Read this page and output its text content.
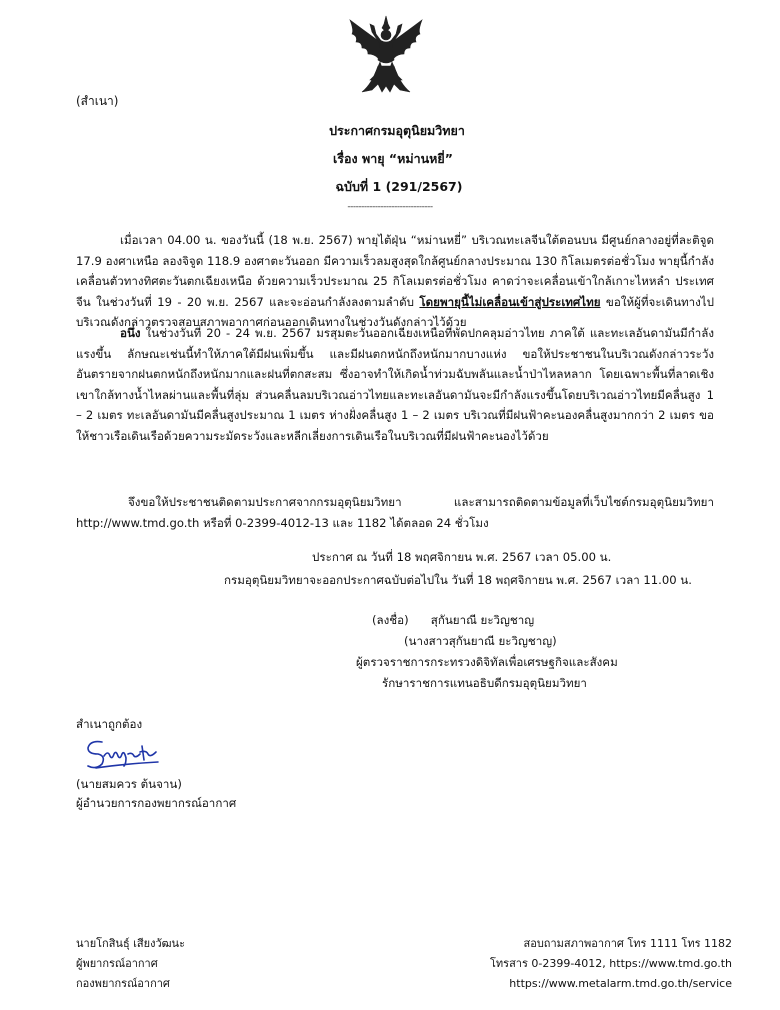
(สำเนา)
ประกาศกรมอุตุนิยมวิทยา
เรื่อง พายุ “หม่านหยี่”
ฉบับที่ 1 (291/2567)
-------------------------------
เมื่อเวลา 04.00 น. ของวันนี้ (18 พ.ย. 2567) พายุไต้ฝุ่น “หม่านหยี่” บริเวณทะเลจีนใต้ตอนบน มีศูนย์กลางอยู่ที่ละติจูด 17.9 องศาเหนือ ลองจิจูด 118.9 องศาตะวันออก มีความเร็วลมสูงสุดใกล้ศูนย์กลางประมาณ 130 กิโลเมตรต่อชั่วโมง พายุนี้กำลังเคลื่อนตัวทางทิศตะวันตกเฉียงเหนือ ด้วยความเร็วประมาณ 25 กิโลเมตรต่อชั่วโมง คาดว่าจะเคลื่อนเข้าใกล้เกาะไหหลำ ประเทศจีน ในช่วงวันที่ 19 - 20 พ.ย. 2567 และจะอ่อนกำลังลงตามลำดับ โดยพายุนี้ไม่เคลื่อนเข้าสู่ประเทศไทย ขอให้ผู้ที่จะเดินทางไปบริเวณดังกล่าวตรวจสอบสภาพอากาศก่อนออกเดินทางในช่วงวันดังกล่าวไว้ด้วย
อนึ่ง ในช่วงวันที่ 20 - 24 พ.ย. 2567 มรสุมตะวันออกเฉียงเหนือที่พัดปกคลุมอ่าวไทย ภาคใต้ และทะเลอันดามันมีกำลังแรงขึ้น ลักษณะเช่นนี้ทำให้ภาคใต้มีฝนเพิ่มขึ้น และมีฝนตกหนักถึงหนักมากบางแห่ง ขอให้ประชาชนในบริเวณดังกล่าวระวังอันตรายจากฝนตกหนักถึงหนักมากและฝนที่ตกสะสม ซึ่งอาจทำให้เกิดน้ำท่วมฉับพลันและน้ำป่าไหลหลาก โดยเฉพาะพื้นที่ลาดเชิงเขาใกล้ทางน้ำไหลผ่านและพื้นที่ลุ่ม ส่วนคลื่นลมบริเวณอ่าวไทยและทะเลอันดามันจะมีกำลังแรงขึ้นโดยบริเวณอ่าวไทยมีคลื่นสูง 1 – 2 เมตร ทะเลอันดามันมีคลื่นสูงประมาณ 1 เมตร ห่างฝั่งคลื่นสูง 1 – 2 เมตร บริเวณที่มีฝนฟ้าคะนองคลื่นสูงมากกว่า 2 เมตร ขอให้ชาวเรือเดินเรือด้วยความระมัดระวังและหลีกเลี่ยงการเดินเรือในบริเวณที่มีฝนฟ้าคะนองไว้ด้วย
จึงขอให้ประชาชนติดตามประกาศจากกรมอุตุนิยมวิทยา และสามารถติดตามข้อมูลที่เว็บไซต์กรมอุตุนิยมวิทยา http://www.tmd.go.th หรือที่ 0-2399-4012-13 และ 1182 ได้ตลอด 24 ชั่วโมง
ประกาศ ณ วันที่ 18 พฤศจิกายน พ.ศ. 2567 เวลา 05.00 น.
กรมอุตุนิยมวิทยาจะออกประกาศฉบับต่อไปใน วันที่ 18 พฤศจิกายน พ.ศ. 2567 เวลา 11.00 น.
(ลงชื่อ)      สุกันยาณี ยะวิญชาญ
(นางสาวสุกันยาณี ยะวิญชาญ)
ผู้ตรวจราชการกระทรวงดิจิทัลเพื่อเศรษฐกิจและสังคม
รักษาราชการแทนอธิบดีกรมอุตุนิยมวิทยา
สำเนาถูกต้อง
(นายสมควร ต้นจาน)
ผู้อำนวยการกองพยากรณ์อากาศ
นายโกสินธุ์ เสียงวัฒนะ
ผู้พยากรณ์อากาศ
กองพยากรณ์อากาศ
สอบถามสภาพอากาศ โทร 1111 โทร 1182
โทรสาร 0-2399-4012, https://www.tmd.go.th
https://www.metalarm.tmd.go.th/service
